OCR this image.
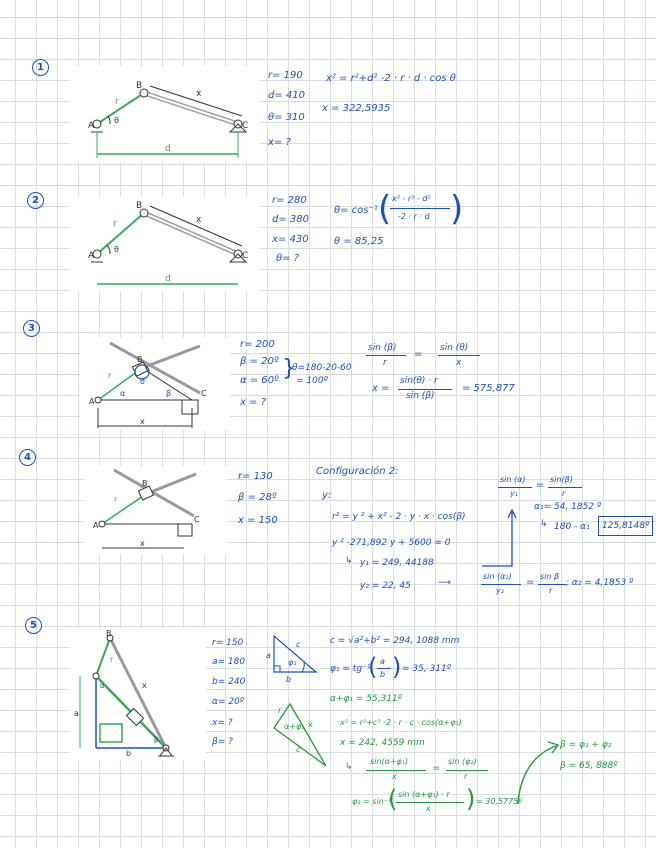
1
A
B
C
r
x
d
θ
r= 190
d= 410
θ= 310
x= ?
x² = r²+d² -2 · r · d · cos θ
x = 322,5935
2
A
B
C
r	x
d
θ
r= 280
d= 380
x= 430
θ= ?
θ= cos⁻¹ ( x² - r² - d²
-2 · r · d )
θ = 85,25
3
A
B
C
r
x
α	β
θ
r= 200
β = 20º
α = 60º
x = ?
}
θ=180-20-60
= 100º
sin (β)
r
=
sin (θ)
x
x =
sin(θ) · r
sin (β)
= 575,877
4
A
B
C
r
x
r= 130
β = 28º
x = 150
Configuración 2:
y:
r² = y ² + x² - 2 · y · x · cos(β)
y ² -271,892 y + 5600 = 0
↳ y₁ = 249, 44188
y₂ = 22, 45	⟶
sin (α)
y₁
=
sin(β)
r
α₁= 54, 1852 º
↳ 180 - α₁	125,8148º
sin (α₂)
y₂
=
sin β
r
; α₂ = 4,1853 º
5
B
a
b
r
x
α
β
r= 150
a= 180
b= 240
α= 20º
x= ?
β= ?
a
b
c
φ₁
α+φ₁ x
c
r
c = √a²+b² = 294, 1088 mm
φ₁ = tg⁻¹
( a
b ) = 35, 311º
α+φ₁ = 55,311º
x² = r²+c² -2 · r · c · cos(α+φ₁)
x = 242, 4559 mm
↳
sin(α+φ₁)
x
=
sin (φ₂)
r
φ₂ = sin⁻¹
( sin (α+φ₁) · r
x ) = 30,5775º
β = φ₁ + φ₂
β = 65, 888º
